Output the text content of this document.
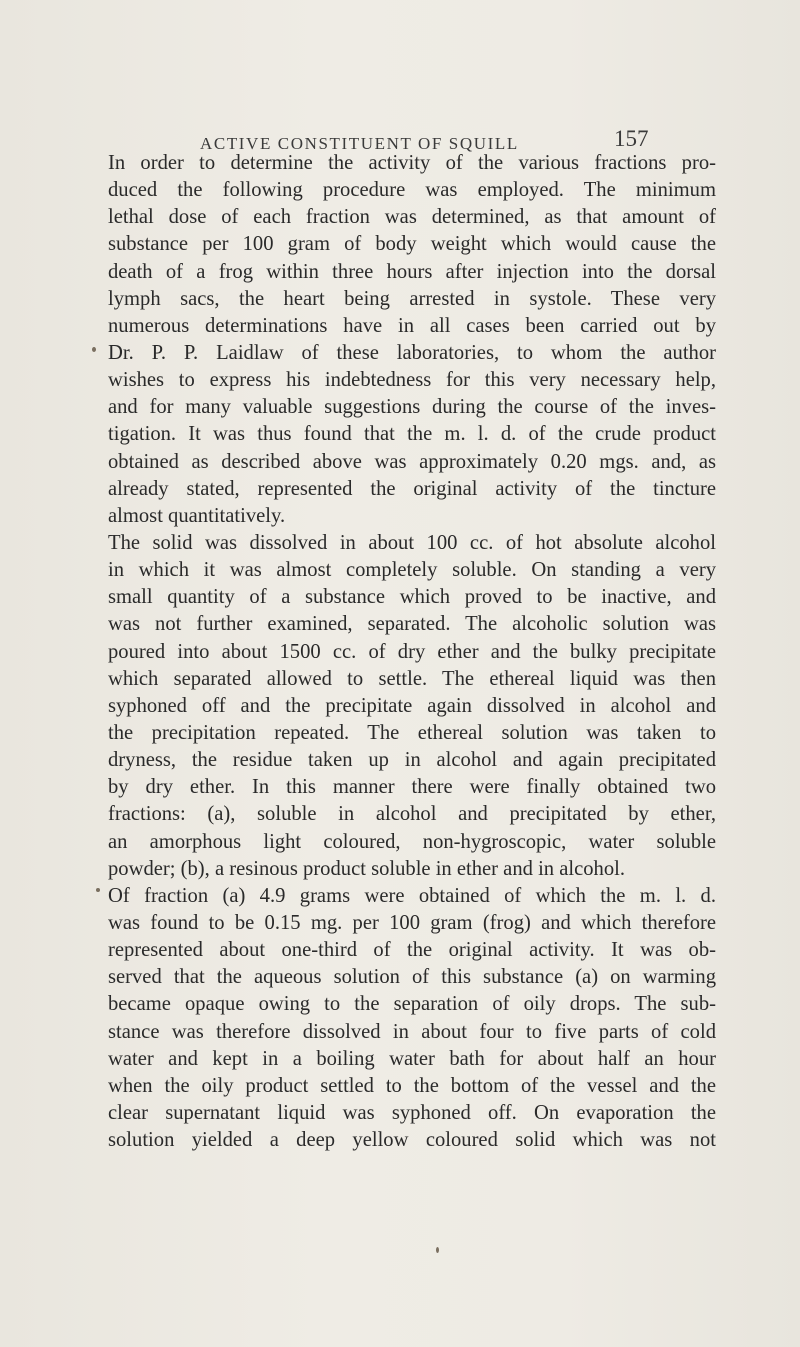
ACTIVE CONSTITUENT OF SQUILL	157
In order to determine the activity of the various fractions pro-
duced the following procedure was employed. The minimum
lethal dose of each fraction was determined, as that amount of
substance per 100 gram of body weight which would cause the
death of a frog within three hours after injection into the dorsal
lymph sacs, the heart being arrested in systole. These very
numerous determinations have in all cases been carried out by
Dr. P. P. Laidlaw of these laboratories, to whom the author
wishes to express his indebtedness for this very necessary help,
and for many valuable suggestions during the course of the inves-
tigation. It was thus found that the m. l. d. of the crude product
obtained as described above was approximately 0.20 mgs. and, as
already stated, represented the original activity of the tincture
almost quantitatively.
The solid was dissolved in about 100 cc. of hot absolute alcohol
in which it was almost completely soluble. On standing a very
small quantity of a substance which proved to be inactive, and
was not further examined, separated. The alcoholic solution was
poured into about 1500 cc. of dry ether and the bulky precipitate
which separated allowed to settle. The ethereal liquid was then
syphoned off and the precipitate again dissolved in alcohol and
the precipitation repeated. The ethereal solution was taken to
dryness, the residue taken up in alcohol and again precipitated
by dry ether. In this manner there were finally obtained two
fractions: (a), soluble in alcohol and precipitated by ether,
an amorphous light coloured, non-hygroscopic, water soluble
powder; (b), a resinous product soluble in ether and in alcohol.
Of fraction (a) 4.9 grams were obtained of which the m. l. d.
was found to be 0.15 mg. per 100 gram (frog) and which therefore
represented about one-third of the original activity. It was ob-
served that the aqueous solution of this substance (a) on warming
became opaque owing to the separation of oily drops. The sub-
stance was therefore dissolved in about four to five parts of cold
water and kept in a boiling water bath for about half an hour
when the oily product settled to the bottom of the vessel and the
clear supernatant liquid was syphoned off. On evaporation the
solution yielded a deep yellow coloured solid which was not
